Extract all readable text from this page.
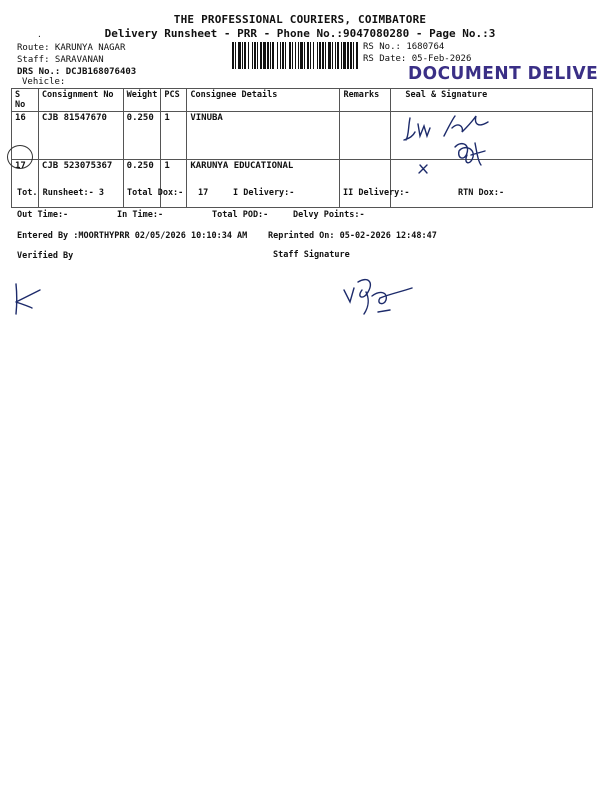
THE PROFESSIONAL COURIERS, COIMBATORE
Delivery Runsheet - PRR - Phone No.:9047080280 - Page No.:3
.
Route: KARUNYA NAGAR
Staff: SARAVANAN
DRS No.: DCJB168076403
Vehicle:
RS No.: 1680764
RS Date: 05-Feb-2026
DOCUMENT DELIVE
S No	Consignment No	Weight	PCS	Consignee Details	Remarks	Seal & Signature
16	CJB 81547670	0.250	1	VINUBA		
17	CJB 523075367	0.250	1	KARUNYA EDUCATIONAL		
Tot. Runsheet:- 3	Total Dox:- 17	I Delivery:-	II Delivery:-	RTN Dox:-
Out Time:-	In Time:-	Total POD:-	Delvy Points:-
Entered By :MOORTHYPRR 02/05/2026 10:10:34 AM Reprinted On: 05-02-2026 12:48:47
Verified By	Staff Signature
